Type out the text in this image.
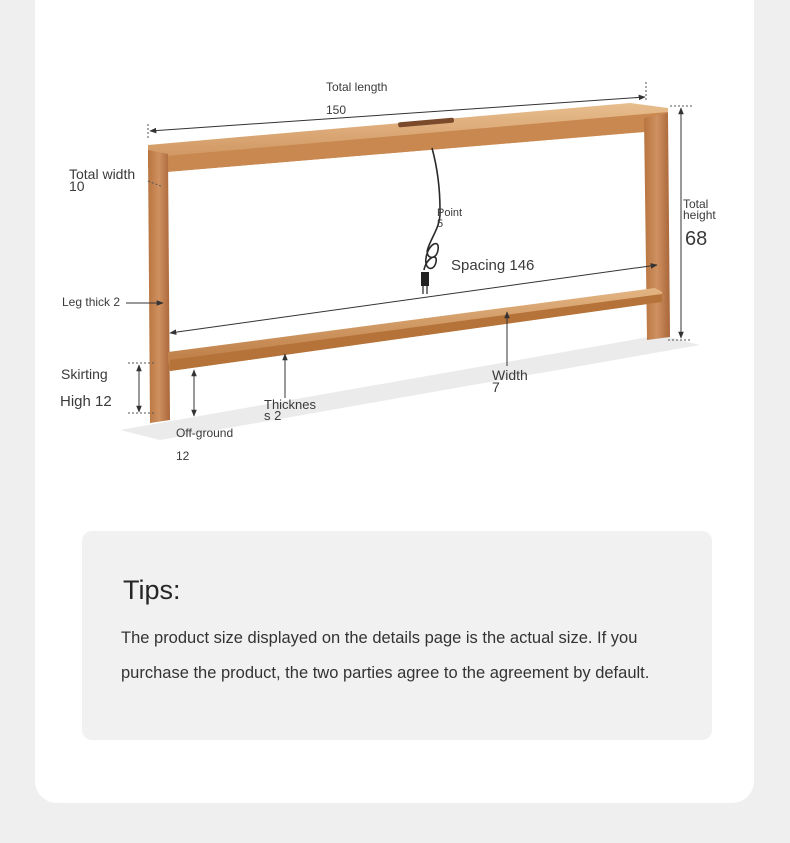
Total length
150
Total width
10
Total
height
68
Spacing 146
Point
5
Leg thick 2
Skirting
High 12
Off-ground
12
Thicknes
s 2
Width
7
Tips:
The product size displayed on the details page is the actual size. If you
purchase the product, the two parties agree to the agreement by default.
